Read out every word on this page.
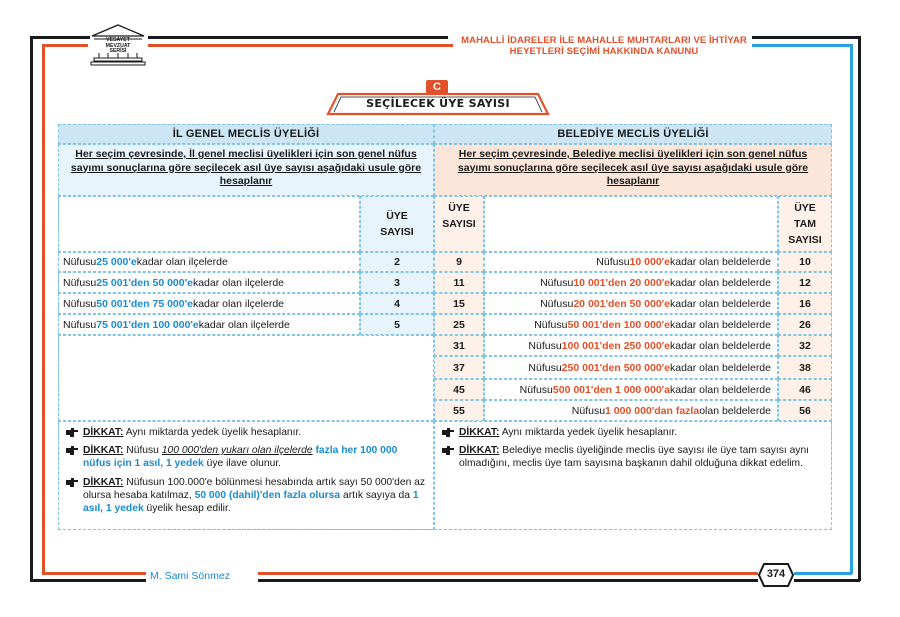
VESAYET
MEVZUAT
SERİSİ
MAHALLİ İDARELER İLE MAHALLE MUHTARLARI VE İHTİYAR HEYETLERİ SEÇİMİ HAKKINDA KANUNU
C
SEÇİLECEK ÜYE SAYISI
İL GENEL MECLİS ÜYELİĞİ	BELEDİYE MECLİS ÜYELİĞİ
Her seçim çevresinde, İl genel meclisi üyelikleri için son genel nüfus sayımı sonuçlarına göre seçilecek asıl üye sayısı aşağıdaki usule göre hesaplanır
Her seçim çevresinde, Belediye meclisi üyelikleri için son genel nüfus sayımı sonuçlarına göre seçilecek asıl üye sayısı aşağıdaki usule göre hesaplanır
ÜYE
SAYISI
ÜYE
SAYISI
ÜYE
TAM
SAYISI
Nüfusu 25 000'e kadar olan ilçelerde	2
Nüfusu 25 001'den 50 000'e kadar olan ilçelerde	3
Nüfusu 50 001'den 75 000'e kadar olan ilçelerde	4
Nüfusu 75 001'den 100 000'e kadar olan ilçelerde	5
9	Nüfusu 10 000'e kadar olan beldelerde	10
11	Nüfusu 10 001'den 20 000'e kadar olan beldelerde	12
15	Nüfusu 20 001'den 50 000'e kadar olan beldelerde	16
25	Nüfusu 50 001'den 100 000'e kadar olan beldelerde	26
31	Nüfusu 100 001'den 250 000'e kadar olan beldelerde	32
37	Nüfusu 250 001'den 500 000'e kadar olan beldelerde	38
45	Nüfusu 500 001'den 1 000 000'a kadar olan beldelerde	46
55	Nüfusu 1 000 000'dan fazla olan beldelerde	56
DİKKAT: Aynı miktarda yedek üyelik hesaplanır.
DİKKAT: Nüfusu 100 000'den yukarı olan ilçelerde fazla her 100 000 nüfus için 1 asıl, 1 yedek üye ilave olunur.
DİKKAT: Nüfusun 100.000'e bölünmesi hesabında artık sayı 50 000'den az olursa hesaba katılmaz, 50 000 (dahil)'den fazla olursa artık sayıya da 1 asıl, 1 yedek üyelik hesap edilir.
DİKKAT: Aynı miktarda yedek üyelik hesaplanır.
DİKKAT: Belediye meclis üyeliğinde meclis üye sayısı ile üye tam sayısı aynı olmadığını, meclis üye tam sayısına başkanın dahil olduğuna dikkat edelim.
M. Sami Sönmez	374
